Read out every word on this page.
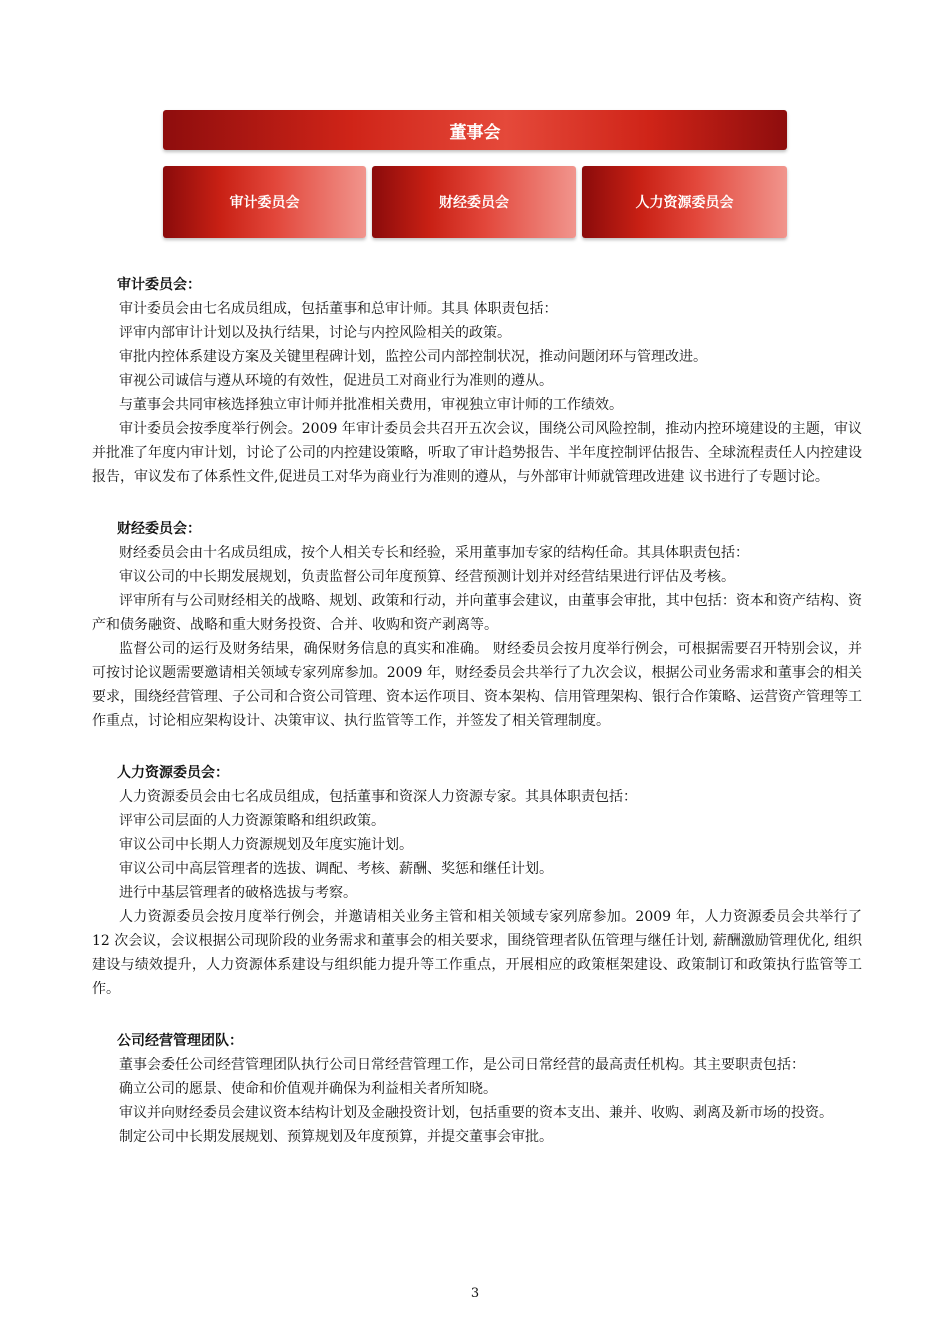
董事会
审计委员会	财经委员会	人力资源委员会

审计委员会：

审计委员会由七名成员组成，包括董事和总审计师。其具 体职责包括：

评审内部审计计划以及执行结果，讨论与内控风险相关的政策。

审批内控体系建设方案及关键里程碑计划，监控公司内部控制状况，推动问题闭环与管理改进。

审视公司诚信与遵从环境的有效性，促进员工对商业行为准则的遵从。

与董事会共同审核选择独立审计师并批准相关费用，审视独立审计师的工作绩效。

审计委员会按季度举行例会。2009 年审计委员会共召开五次会议，围绕公司风险控制，推动内控环境建设的主题，审议并批准了年度内审计划，讨论了公司的内控建设策略，听取了审计趋势报告、半年度控制评估报告、全球流程责任人内控建设报告，审议发布了体系性文件,促进员工对华为商业行为准则的遵从，与外部审计师就管理改进建 议书进行了专题讨论。

财经委员会：

财经委员会由十名成员组成，按个人相关专长和经验，采用董事加专家的结构任命。其具体职责包括：

审议公司的中长期发展规划，负责监督公司年度预算、经营预测计划并对经营结果进行评估及考核。

评审所有与公司财经相关的战略、规划、政策和行动，并向董事会建议，由董事会审批，其中包括：资本和资产结构、资产和债务融资、战略和重大财务投资、合并、收购和资产剥离等。

监督公司的运行及财务结果，确保财务信息的真实和准确。 财经委员会按月度举行例会，可根据需要召开特别会议，并可按讨论议题需要邀请相关领域专家列席参加。2009 年，财经委员会共举行了九次会议，根据公司业务需求和董事会的相关要求，围绕经营管理、子公司和合资公司管理、资本运作项目、资本架构、信用管理架构、银行合作策略、运营资产管理等工作重点，讨论相应架构设计、决策审议、执行监管等工作，并签发了相关管理制度。

人力资源委员会：

人力资源委员会由七名成员组成，包括董事和资深人力资源专家。其具体职责包括：

评审公司层面的人力资源策略和组织政策。

审议公司中长期人力资源规划及年度实施计划。

审议公司中高层管理者的选拔、调配、考核、薪酬、奖惩和继任计划。

进行中基层管理者的破格选拔与考察。

人力资源委员会按月度举行例会，并邀请相关业务主管和相关领域专家列席参加。2009 年，人力资源委员会共举行了 12 次会议，会议根据公司现阶段的业务需求和董事会的相关要求，围绕管理者队伍管理与继任计划, 薪酬激励管理优化, 组织建设与绩效提升，人力资源体系建设与组织能力提升等工作重点，开展相应的政策框架建设、政策制订和政策执行监管等工作。

公司经营管理团队：

董事会委任公司经营管理团队执行公司日常经营管理工作，是公司日常经营的最高责任机构。其主要职责包括：

确立公司的愿景、使命和价值观并确保为利益相关者所知晓。

审议并向财经委员会建议资本结构计划及金融投资计划，包括重要的资本支出、兼并、收购、剥离及新市场的投资。

制定公司中长期发展规划、预算规划及年度预算，并提交董事会审批。

3
